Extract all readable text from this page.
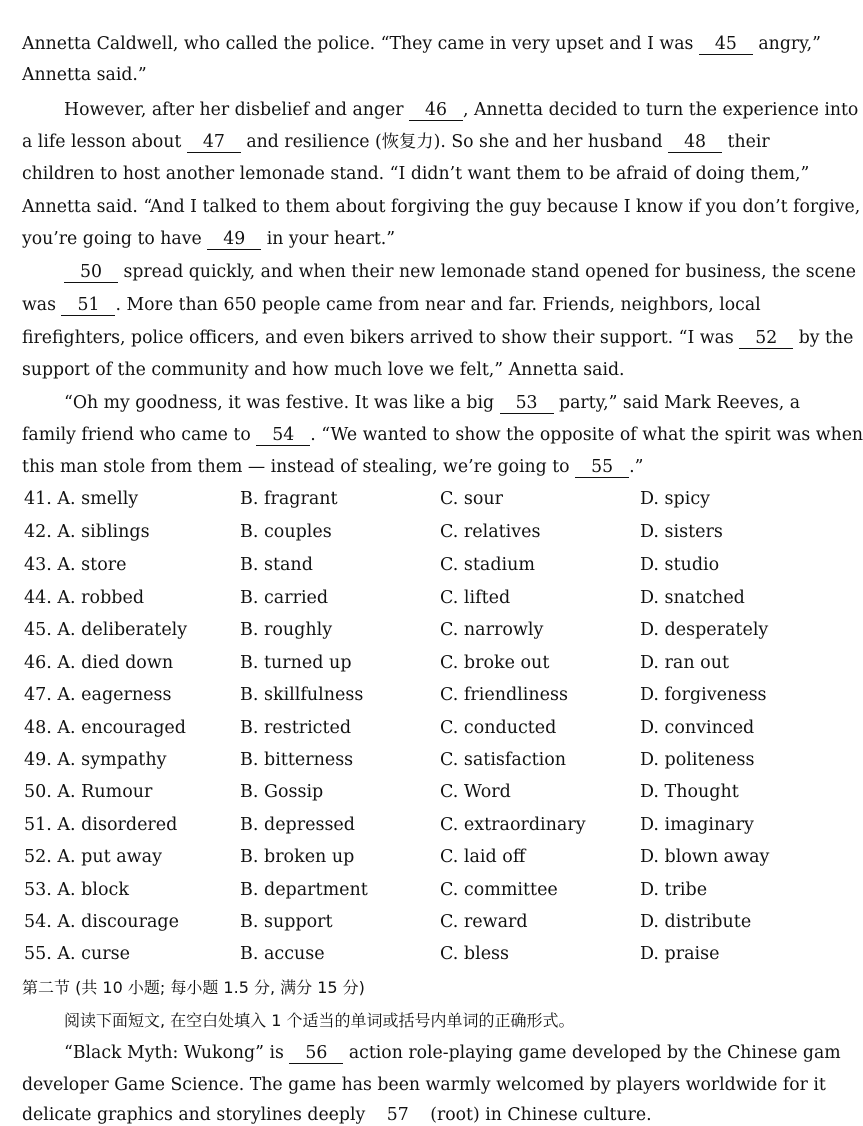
Annetta Caldwell, who called the police. “They came in very upset and I was 45 angry,”
Annetta said.”
However, after her disbelief and anger 46 , Annetta decided to turn the experience into
a life lesson about 47 and resilience (恢复力). So she and her husband 48 their
children to host another lemonade stand. “I didn’t want them to be afraid of doing them,”
Annetta said. “And I talked to them about forgiving the guy because I know if you don’t forgive,
you’re going to have 49 in your heart.”
50 spread quickly, and when their new lemonade stand opened for business, the scene
was 51 . More than 650 people came from near and far. Friends, neighbors, local
firefighters, police officers, and even bikers arrived to show their support. “I was 52 by the
support of the community and how much love we felt,” Annetta said.
“Oh my goodness, it was festive. It was like a big 53 party,” said Mark Reeves, a
family friend who came to 54 . “We wanted to show the opposite of what the spirit was when
this man stole from them — instead of stealing, we’re going to 55 .”
41. A. smelly	B. fragrant	C. sour	D. spicy
42. A. siblings	B. couples	C. relatives	D. sisters
43. A. store	B. stand	C. stadium	D. studio
44. A. robbed	B. carried	C. lifted	D. snatched
45. A. deliberately	B. roughly	C. narrowly	D. desperately
46. A. died down	B. turned up	C. broke out	D. ran out
47. A. eagerness	B. skillfulness	C. friendliness	D. forgiveness
48. A. encouraged	B. restricted	C. conducted	D. convinced
49. A. sympathy	B. bitterness	C. satisfaction	D. politeness
50. A. Rumour	B. Gossip	C. Word	D. Thought
51. A. disordered	B. depressed	C. extraordinary	D. imaginary
52. A. put away	B. broken up	C. laid off	D. blown away
53. A. block	B. department	C. committee	D. tribe
54. A. discourage	B. support	C. reward	D. distribute
55. A. curse	B. accuse	C. bless	D. praise
第二节 (共 10 小题; 每小题 1.5 分, 满分 15 分)
阅读下面短文, 在空白处填入 1 个适当的单词或括号内单词的正确形式。
“Black Myth: Wukong” is 56 action role-playing game developed by the Chinese gam
developer Game Science. The game has been warmly welcomed by players worldwide for it
delicate graphics and storylines deeply 57 (root) in Chinese culture.
